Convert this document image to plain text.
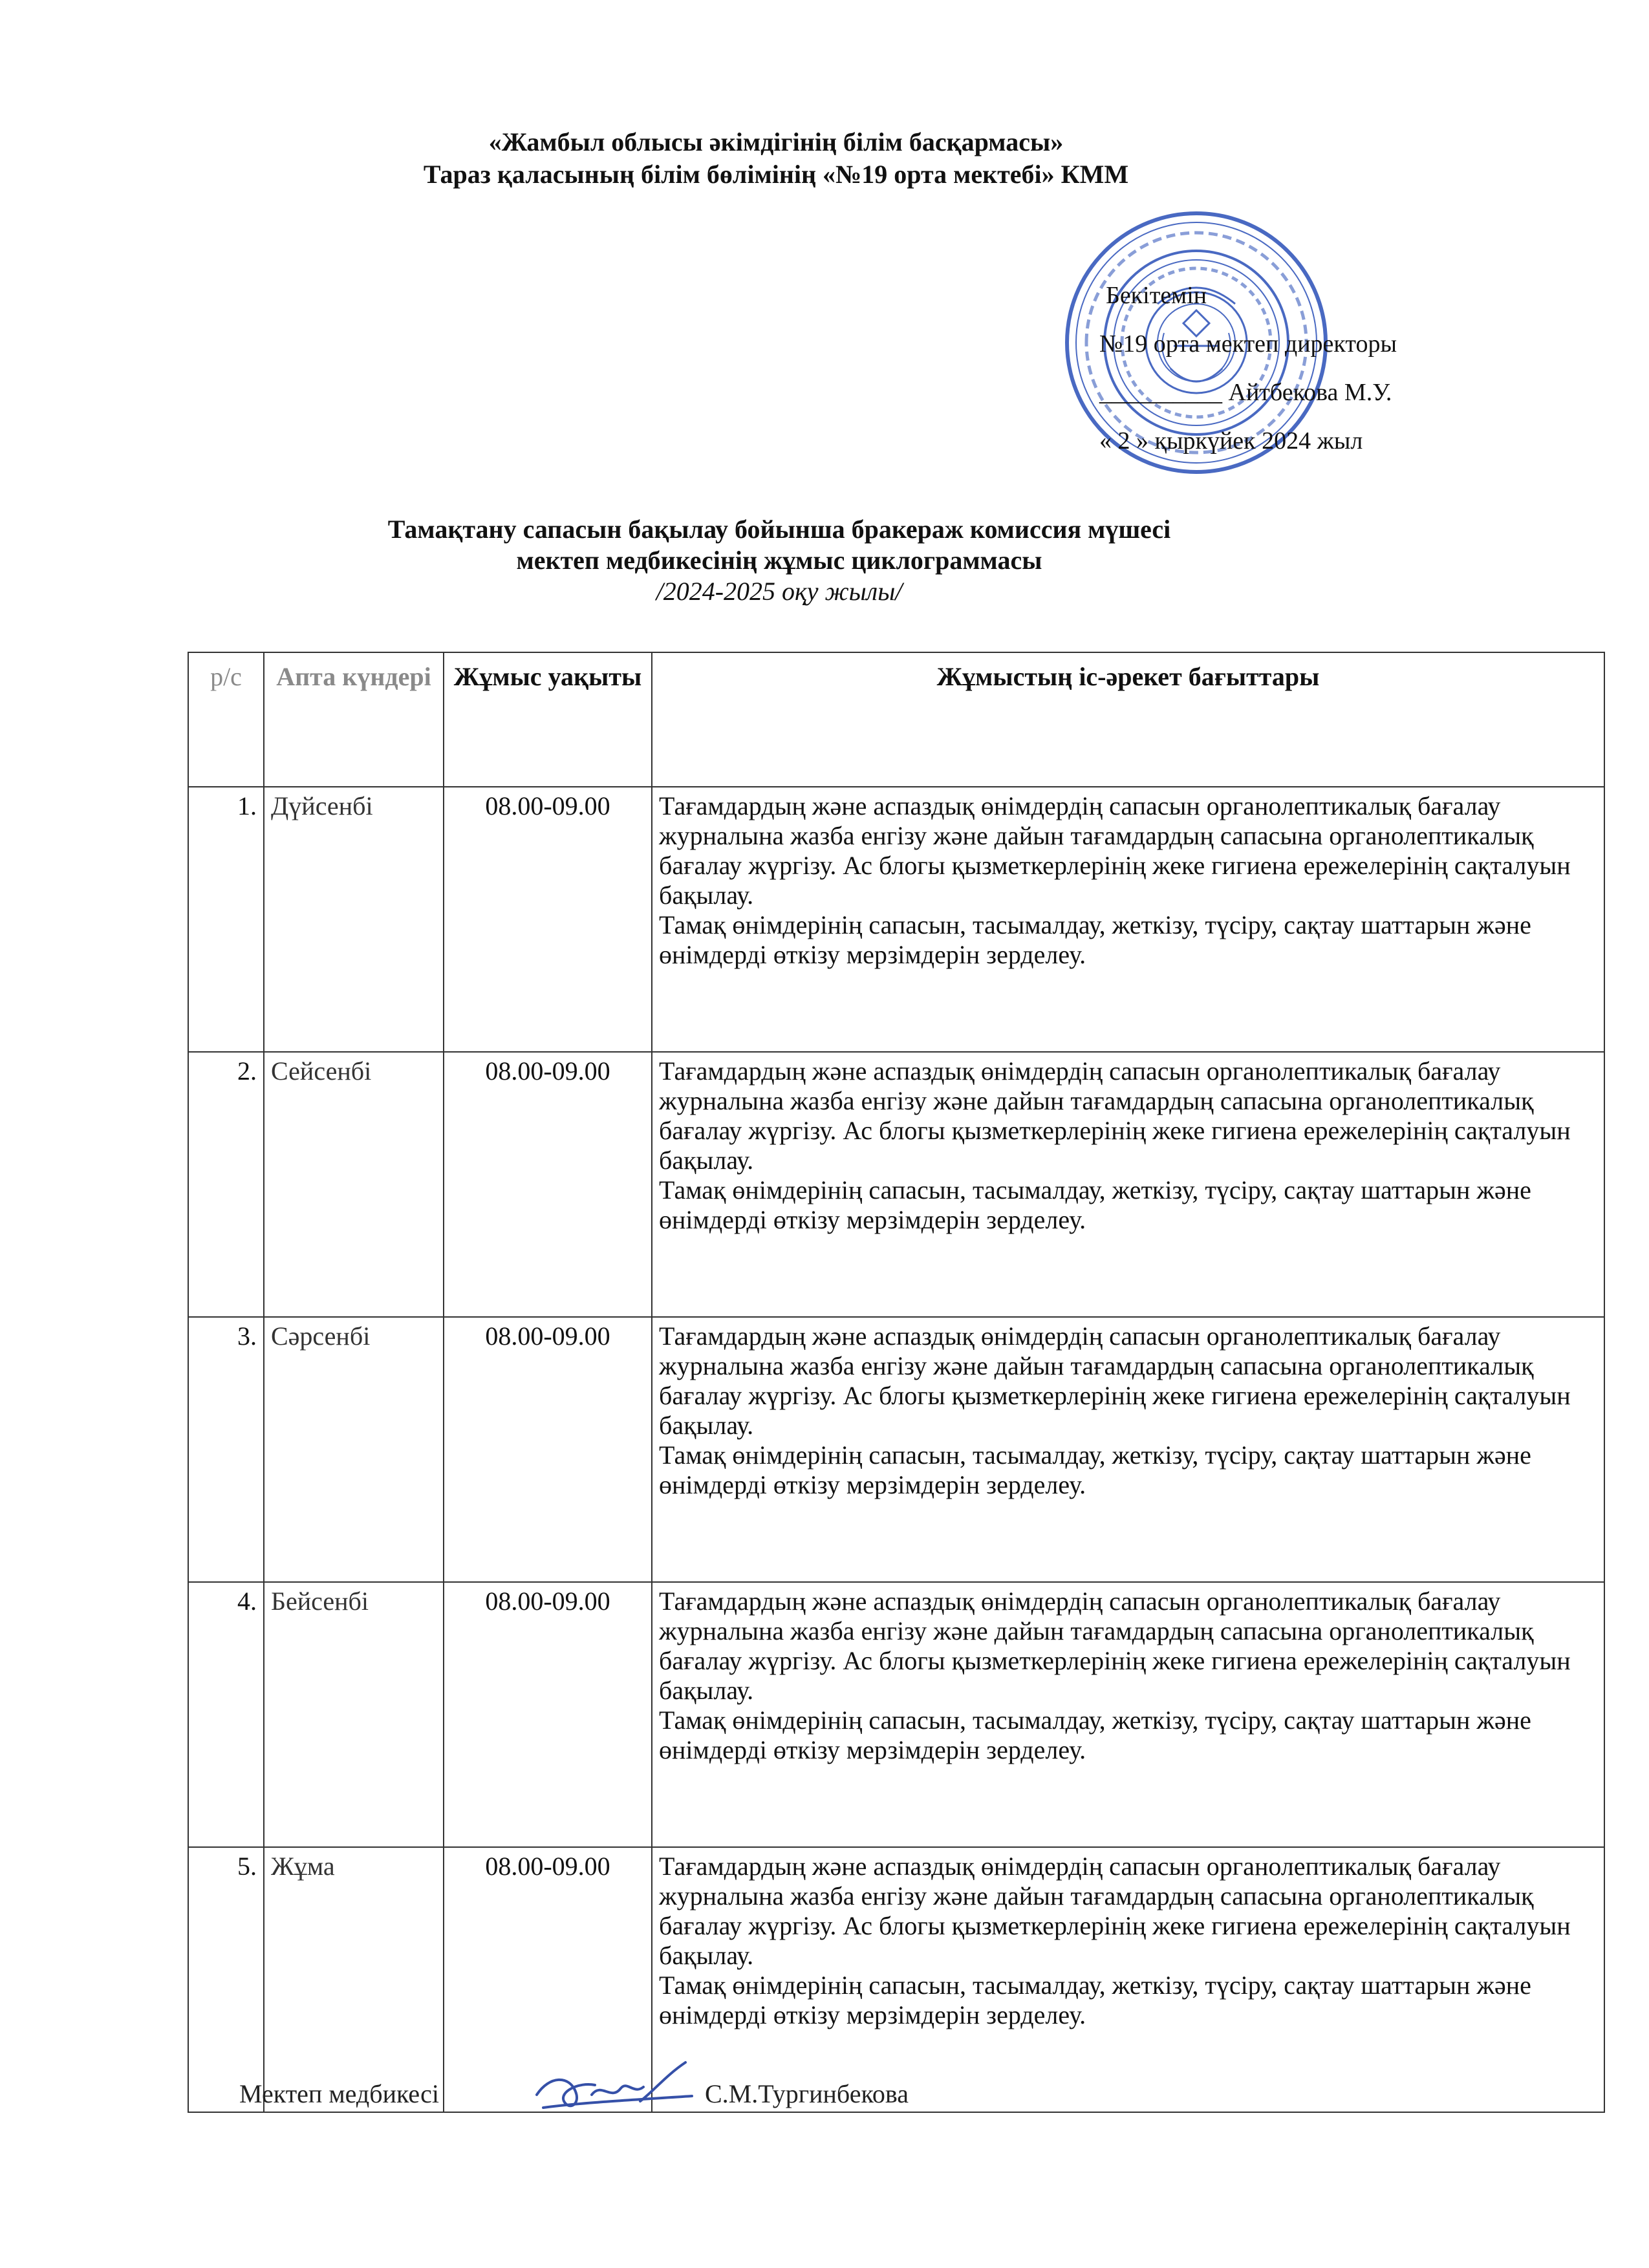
«Жамбыл облысы әкімдігінің білім басқармасы»
Тараз қаласының білім бөлімінің «№19 орта мектебі» КММ
Бекітемін
№19 орта мектеп директоры
__________ Айтбекова М.У.
« 2 » қыркүйек 2024 жыл
Тамақтану сапасын бақылау бойынша бракераж комиссия мүшесі
мектеп медбикесінің жұмыс циклограммасы
/2024-2025 оқу жылы/
р/с	Апта күндері	Жұмыс уақыты	Жұмыстың іс-әрекет бағыттары
1.	Дүйсенбі	08.00-09.00	Тағамдардың және аспаздық өнімдердің сапасын органолептикалық бағалау журналына жазба енгізу және дайын тағамдардың сапасына органолептикалық бағалау жүргізу. Ас блогы қызметкерлерінің жеке гигиена ережелерінің сақталуын бақылау.
Тамақ өнімдерінің сапасын, тасымалдау, жеткізу, түсіру, сақтау шаттарын және өнімдерді өткізу мерзімдерін зерделеу.

2.	Сейсенбі	08.00-09.00	Тағамдардың және аспаздық өнімдердің сапасын органолептикалық бағалау журналына жазба енгізу және дайын тағамдардың сапасына органолептикалық бағалау жүргізу. Ас блогы қызметкерлерінің жеке гигиена ережелерінің сақталуын бақылау.
Тамақ өнімдерінің сапасын, тасымалдау, жеткізу, түсіру, сақтау шаттарын және өнімдерді өткізу мерзімдерін зерделеу.

3.	Сәрсенбі	08.00-09.00	Тағамдардың және аспаздық өнімдердің сапасын органолептикалық бағалау журналына жазба енгізу және дайын тағамдардың сапасына органолептикалық бағалау жүргізу. Ас блогы қызметкерлерінің жеке гигиена ережелерінің сақталуын бақылау.
Тамақ өнімдерінің сапасын, тасымалдау, жеткізу, түсіру, сақтау шаттарын және өнімдерді өткізу мерзімдерін зерделеу.

4.	Бейсенбі	08.00-09.00	Тағамдардың және аспаздық өнімдердің сапасын органолептикалық бағалау журналына жазба енгізу және дайын тағамдардың сапасына органолептикалық бағалау жүргізу. Ас блогы қызметкерлерінің жеке гигиена ережелерінің сақталуын бақылау.
Тамақ өнімдерінің сапасын, тасымалдау, жеткізу, түсіру, сақтау шаттарын және өнімдерді өткізу мерзімдерін зерделеу.

5.	Жұма	08.00-09.00	Тағамдардың және аспаздық өнімдердің сапасын органолептикалық бағалау журналына жазба енгізу және дайын тағамдардың сапасына органолептикалық бағалау жүргізу. Ас блогы қызметкерлерінің жеке гигиена ережелерінің сақталуын бақылау.
Тамақ өнімдерінің сапасын, тасымалдау, жеткізу, түсіру, сақтау шаттарын және өнімдерді өткізу мерзімдерін зерделеу.
Мектеп медбикесі	С.М.Тургинбекова
